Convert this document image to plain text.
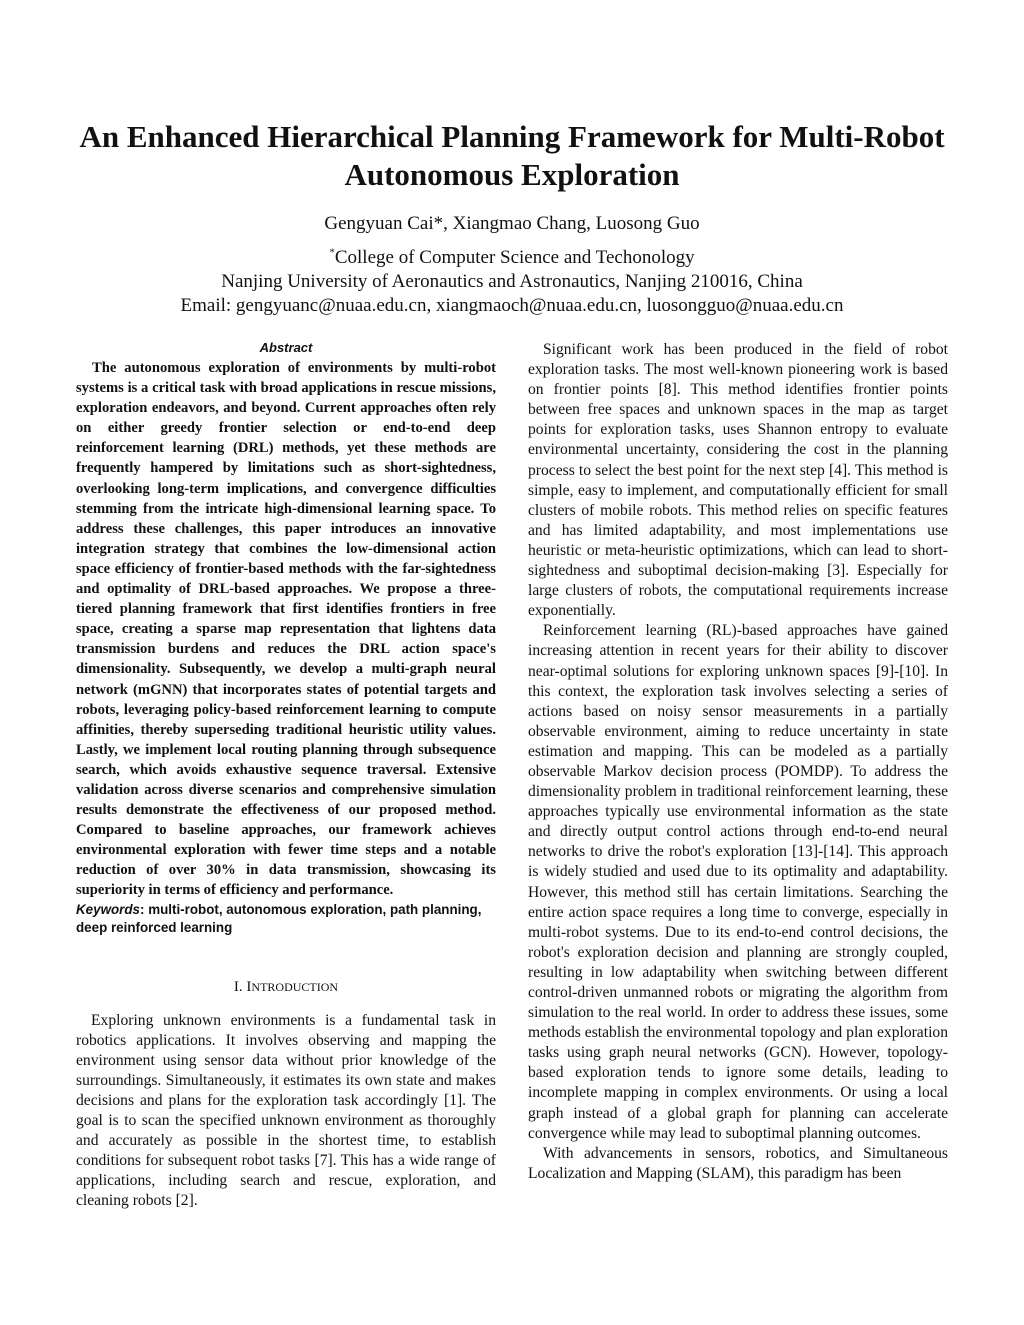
An Enhanced Hierarchical Planning Framework for Multi-Robot Autonomous Exploration
Gengyuan Cai*, Xiangmao Chang, Luosong Guo
*College of Computer Science and Techonology
Nanjing University of Aeronautics and Astronautics, Nanjing 210016, China
Email: gengyuanc@nuaa.edu.cn, xiangmaoch@nuaa.edu.cn, luosongguo@nuaa.edu.cn
Abstract

The autonomous exploration of environments by multi-robot systems is a critical task with broad applications in rescue missions, exploration endeavors, and beyond. Current approaches often rely on either greedy frontier selection or end-to-end deep reinforcement learning (DRL) methods, yet these methods are frequently hampered by limitations such as short-sightedness, overlooking long-term implications, and convergence difficulties stemming from the intricate high-dimensional learning space. To address these challenges, this paper introduces an innovative integration strategy that combines the low-dimensional action space efficiency of frontier-based methods with the far-sightedness and optimality of DRL-based approaches. We propose a three-tiered planning framework that first identifies frontiers in free space, creating a sparse map representation that lightens data transmission burdens and reduces the DRL action space's dimensionality. Subsequently, we develop a multi-graph neural network (mGNN) that incorporates states of potential targets and robots, leveraging policy-based reinforcement learning to compute affinities, thereby superseding traditional heuristic utility values. Lastly, we implement local routing planning through subsequence search, which avoids exhaustive sequence traversal. Extensive validation across diverse scenarios and comprehensive simulation results demonstrate the effectiveness of our proposed method. Compared to baseline approaches, our framework achieves environmental exploration with fewer time steps and a notable reduction of over 30% in data transmission, showcasing its superiority in terms of efficiency and performance.

Keywords: multi-robot, autonomous exploration, path planning, deep reinforced learning

I. INTRODUCTION

Exploring unknown environments is a fundamental task in robotics applications. It involves observing and mapping the environment using sensor data without prior knowledge of the surroundings. Simultaneously, it estimates its own state and makes decisions and plans for the exploration task accordingly [1]. The goal is to scan the specified unknown environment as thoroughly and accurately as possible in the shortest time, to establish conditions for subsequent robot tasks [7]. This has a wide range of applications, including search and rescue, exploration, and cleaning robots [2].

Significant work has been produced in the field of robot exploration tasks. The most well-known pioneering work is based on frontier points [8]. This method identifies frontier points between free spaces and unknown spaces in the map as target points for exploration tasks, uses Shannon entropy to evaluate environmental uncertainty, considering the cost in the planning process to select the best point for the next step [4]. This method is simple, easy to implement, and computationally efficient for small clusters of mobile robots. This method relies on specific features and has limited adaptability, and most implementations use heuristic or meta-heuristic optimizations, which can lead to short-sightedness and suboptimal decision-making [3]. Especially for large clusters of robots, the computational requirements increase exponentially.

Reinforcement learning (RL)-based approaches have gained increasing attention in recent years for their ability to discover near-optimal solutions for exploring unknown spaces [9]-[10]. In this context, the exploration task involves selecting a series of actions based on noisy sensor measurements in a partially observable environment, aiming to reduce uncertainty in state estimation and mapping. This can be modeled as a partially observable Markov decision process (POMDP). To address the dimensionality problem in traditional reinforcement learning, these approaches typically use environmental information as the state and directly output control actions through end-to-end neural networks to drive the robot's exploration [13]-[14]. This approach is widely studied and used due to its optimality and adaptability. However, this method still has certain limitations. Searching the entire action space requires a long time to converge, especially in multi-robot systems. Due to its end-to-end control decisions, the robot's exploration decision and planning are strongly coupled, resulting in low adaptability when switching between different control-driven unmanned robots or migrating the algorithm from simulation to the real world. In order to address these issues, some methods establish the environmental topology and plan exploration tasks using graph neural networks (GCN). However, topology-based exploration tends to ignore some details, leading to incomplete mapping in complex environments. Or using a local graph instead of a global graph for planning can accelerate convergence while may lead to suboptimal planning outcomes.

With advancements in sensors, robotics, and Simultaneous Localization and Mapping (SLAM), this paradigm has been
